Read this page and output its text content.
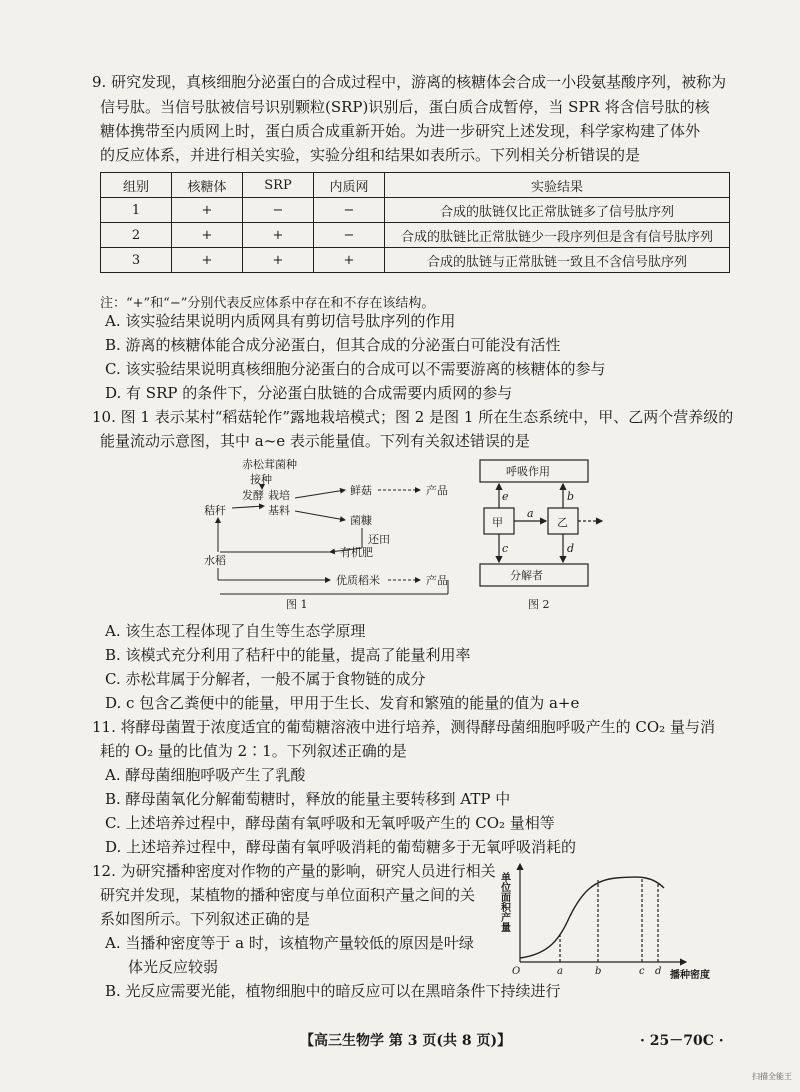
9. 研究发现，真核细胞分泌蛋白的合成过程中，游离的核糖体会合成一小段氨基酸序列，被称为
信号肽。当信号肽被信号识别颗粒(SRP)识别后，蛋白质合成暂停，当 SPR 将含信号肽的核
糖体携带至内质网上时，蛋白质合成重新开始。为进一步研究上述发现，科学家构建了体外
的反应体系，并进行相关实验，实验分组和结果如表所示。下列相关分析错误的是
组别	核糖体	SRP	内质网	实验结果
1	+	−	−	合成的肽链仅比正常肽链多了信号肽序列
2	+	+	−	合成的肽链比正常肽链少一段序列但是含有信号肽序列
3	+	+	+	合成的肽链与正常肽链一致且不含信号肽序列
注：“+”和“−”分别代表反应体系中存在和不存在该结构。
A. 该实验结果说明内质网具有剪切信号肽序列的作用
B. 游离的核糖体能合成分泌蛋白，但其合成的分泌蛋白可能没有活性
C. 该实验结果说明真核细胞分泌蛋白的合成可以不需要游离的核糖体的参与
D. 有 SRP 的条件下，分泌蛋白肽链的合成需要内质网的参与
10. 图 1 表示某村“稻菇轮作”露地栽培模式；图 2 是图 1 所在生态系统中，甲、乙两个营养级的
能量流动示意图，其中 a~e 表示能量值。下列有关叙述错误的是
赤松茸菌种
接种
发酵 栽培
基料
秸秆
鲜菇	产品
菌糠
还田
有机肥
水稻
优质稻米	产品
图 1
呼吸作用
甲	乙
分解者
a
b
c	d
e
图 2
A. 该生态工程体现了自生等生态学原理
B. 该模式充分利用了秸秆中的能量，提高了能量利用率
C. 赤松茸属于分解者，一般不属于食物链的成分
D. c 包含乙粪便中的能量，甲用于生长、发育和繁殖的能量的值为 a+e
11. 将酵母菌置于浓度适宜的葡萄糖溶液中进行培养，测得酵母菌细胞呼吸产生的 CO₂ 量与消
耗的 O₂ 量的比值为 2∶1。下列叙述正确的是
A. 酵母菌细胞呼吸产生了乳酸
B. 酵母菌氧化分解葡萄糖时，释放的能量主要转移到 ATP 中
C. 上述培养过程中，酵母菌有氧呼吸和无氧呼吸产生的 CO₂ 量相等
D. 上述培养过程中，酵母菌有氧呼吸消耗的葡萄糖多于无氧呼吸消耗的
12. 为研究播种密度对作物的产量的影响，研究人员进行相关
研究并发现，某植物的播种密度与单位面积产量之间的关
系如图所示。下列叙述正确的是
A. 当播种密度等于 a 时，该植物产量较低的原因是叶绿
体光反应较弱
B. 光反应需要光能，植物细胞中的暗反应可以在黑暗条件下持续进行
单位面积产量
O	a	b	c d 播种密度
【高三生物学 第 3 页(共 8 页)】	· 25－70C ·
扫描全能王
